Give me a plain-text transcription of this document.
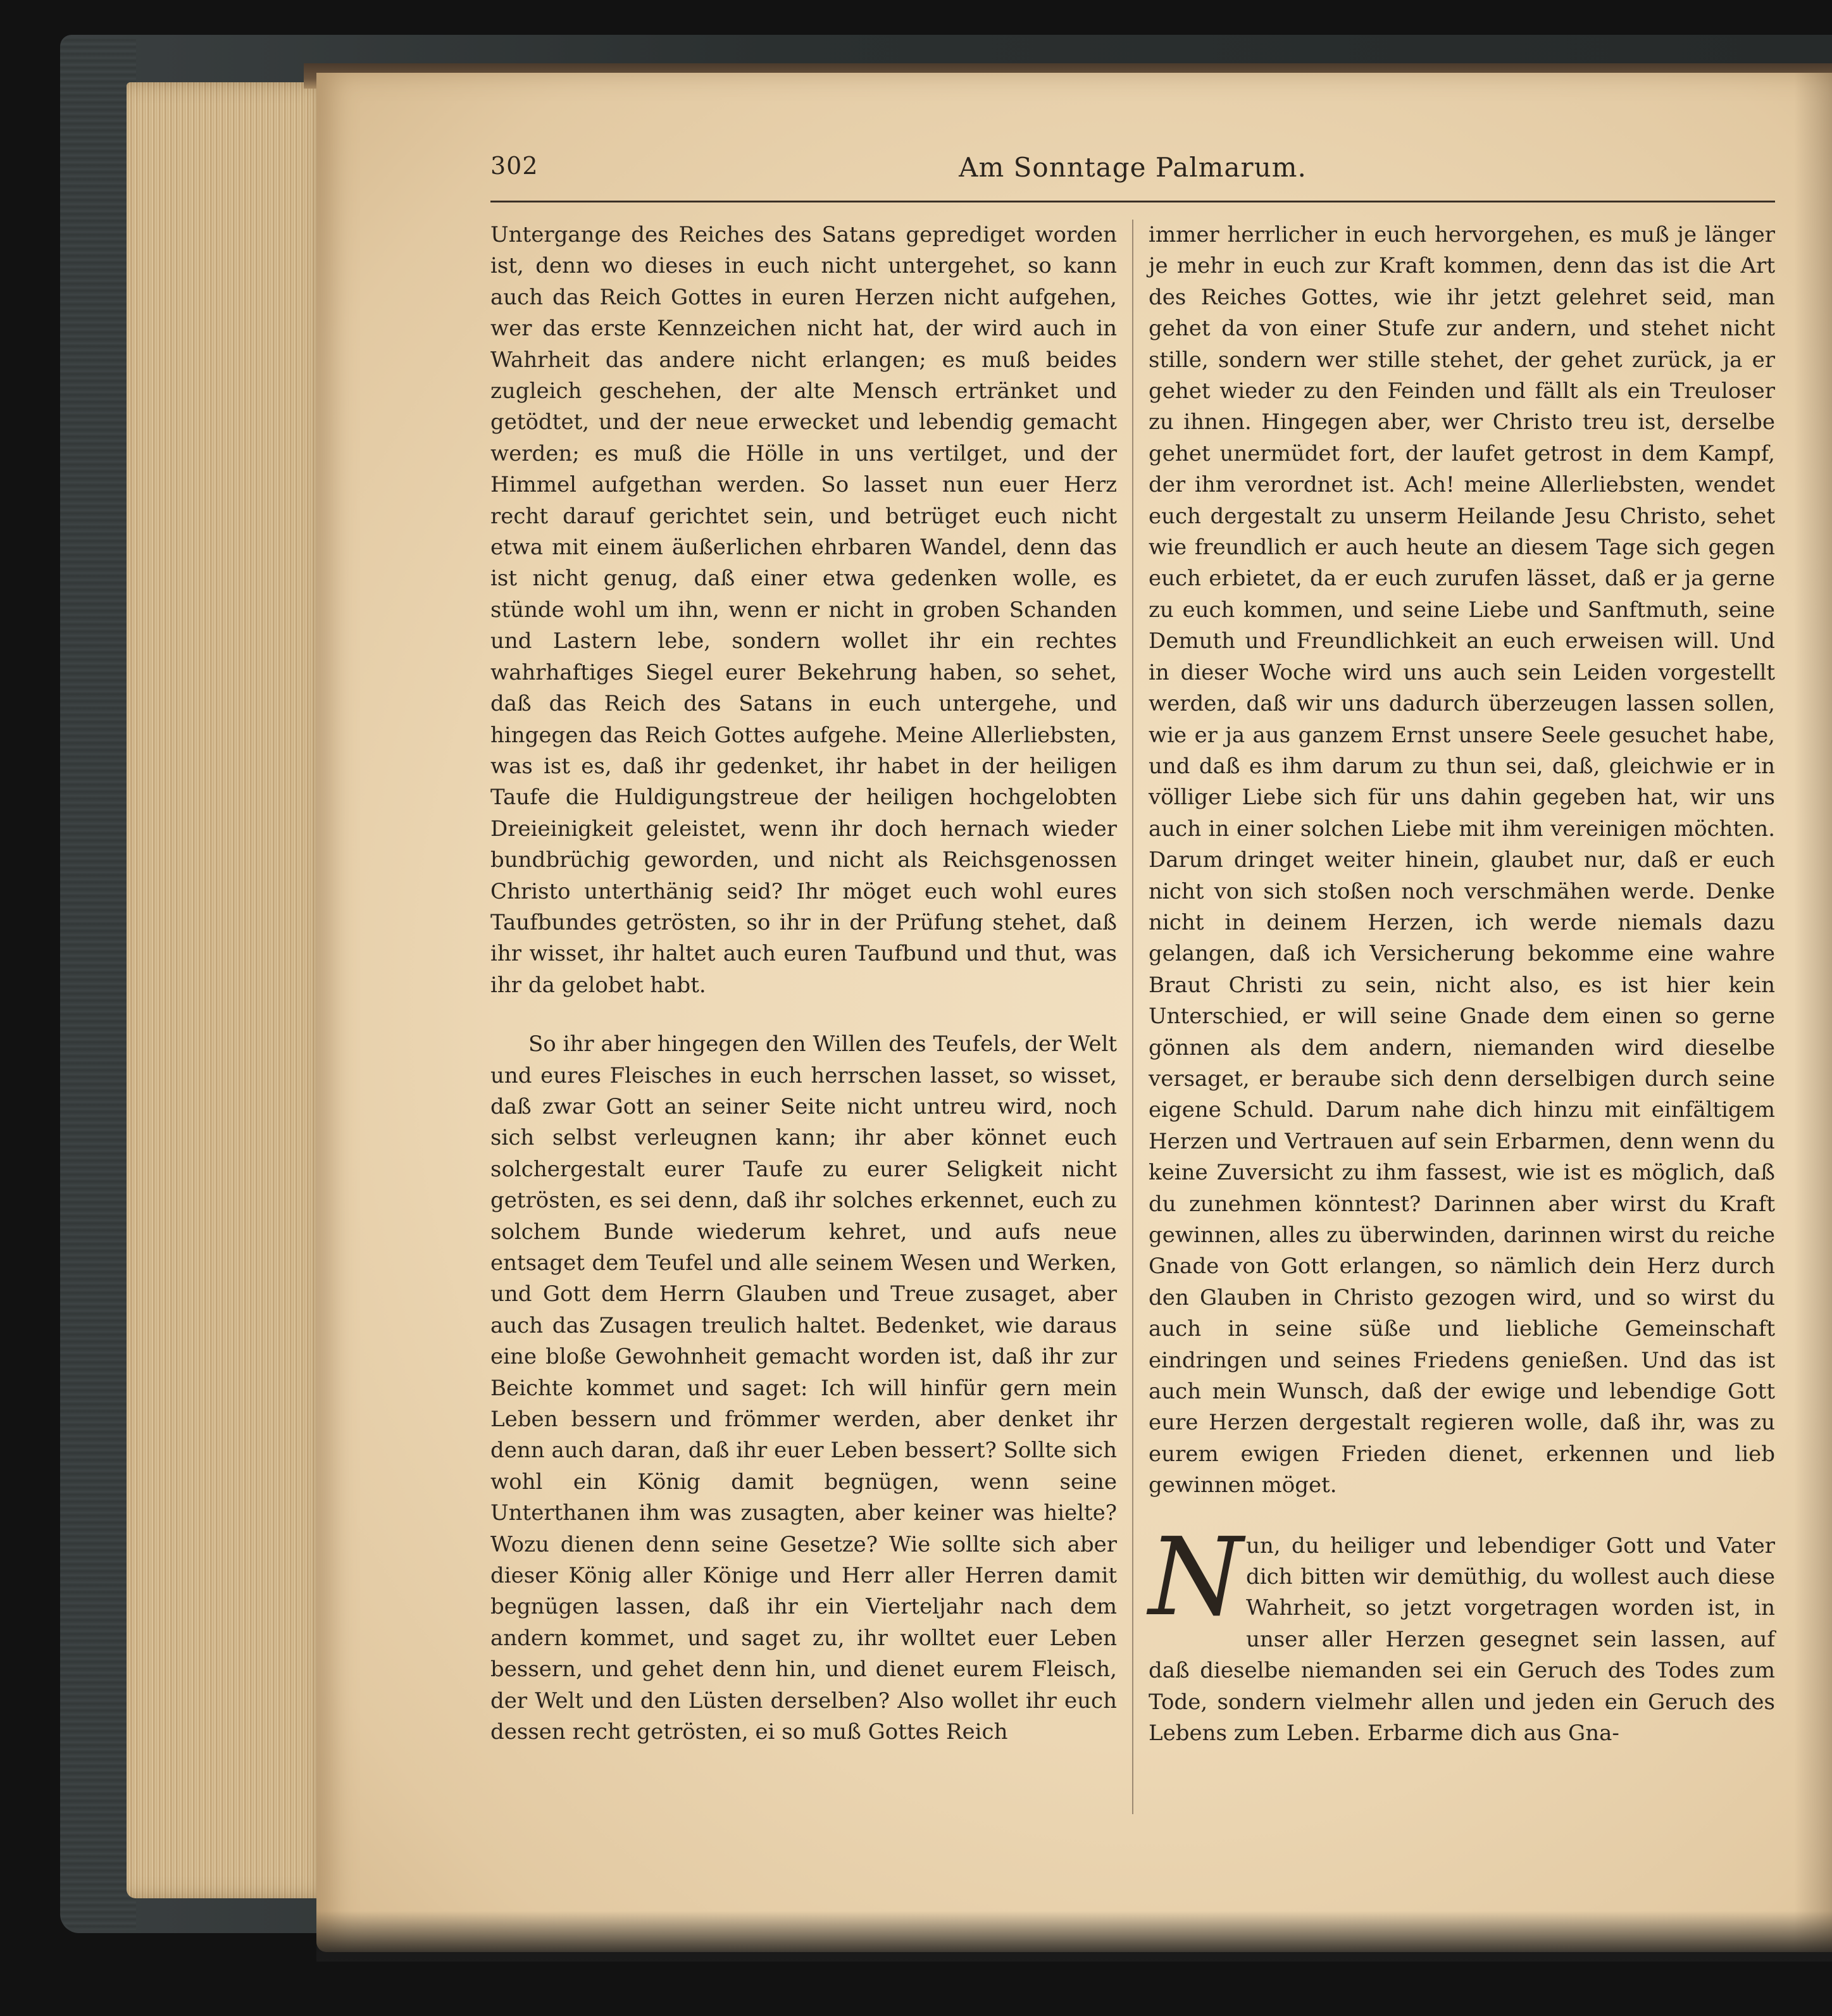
302	Am Sonntage Palmarum.

Untergange des Reiches des Satans geprediget worden ist, denn wo dieses in euch nicht untergehet, so kann auch das Reich Gottes in euren Herzen nicht aufgehen, wer das erste Kennzeichen nicht hat, der wird auch in Wahrheit das andere nicht erlangen; es muß beides zugleich geschehen, der alte Mensch ertränket und getödtet, und der neue erwecket und lebendig gemacht werden; es muß die Hölle in uns vertilget, und der Himmel aufgethan werden. So lasset nun euer Herz recht darauf gerichtet sein, und betrüget euch nicht etwa mit einem äußerlichen ehrbaren Wandel, denn das ist nicht genug, daß einer etwa gedenken wolle, es stünde wohl um ihn, wenn er nicht in groben Schanden und Lastern lebe, sondern wollet ihr ein rechtes wahrhaftiges Siegel eurer Bekehrung haben, so sehet, daß das Reich des Satans in euch untergehe, und hingegen das Reich Gottes aufgehe. Meine Allerliebsten, was ist es, daß ihr gedenket, ihr habet in der heiligen Taufe die Huldigungstreue der heiligen hochgelobten Dreieinigkeit geleistet, wenn ihr doch hernach wieder bundbrüchig geworden, und nicht als Reichsgenossen Christo unterthänig seid? Ihr möget euch wohl eures Taufbundes getrösten, so ihr in der Prüfung stehet, daß ihr wisset, ihr haltet auch euren Taufbund und thut, was ihr da gelobet habt.

So ihr aber hingegen den Willen des Teufels, der Welt und eures Fleisches in euch herrschen lasset, so wisset, daß zwar Gott an seiner Seite nicht untreu wird, noch sich selbst verleugnen kann; ihr aber könnet euch solchergestalt eurer Taufe zu eurer Seligkeit nicht getrösten, es sei denn, daß ihr solches erkennet, euch zu solchem Bunde wiederum kehret, und aufs neue entsaget dem Teufel und alle seinem Wesen und Werken, und Gott dem Herrn Glauben und Treue zusaget, aber auch das Zusagen treulich haltet. Bedenket, wie daraus eine bloße Gewohnheit gemacht worden ist, daß ihr zur Beichte kommet und saget: Ich will hinfür gern mein Leben bessern und frömmer werden, aber denket ihr denn auch daran, daß ihr euer Leben bessert? Sollte sich wohl ein König damit begnügen, wenn seine Unterthanen ihm was zusagten, aber keiner was hielte? Wozu dienen denn seine Gesetze? Wie sollte sich aber dieser König aller Könige und Herr aller Herren damit begnügen lassen, daß ihr ein Vierteljahr nach dem andern kommet, und saget zu, ihr wolltet euer Leben bessern, und gehet denn hin, und dienet eurem Fleisch, der Welt und den Lüsten derselben? Also wollet ihr euch dessen recht getrösten, ei so muß Gottes Reich

immer herrlicher in euch hervorgehen, es muß je länger je mehr in euch zur Kraft kommen, denn das ist die Art des Reiches Gottes, wie ihr jetzt gelehret seid, man gehet da von einer Stufe zur andern, und stehet nicht stille, sondern wer stille stehet, der gehet zurück, ja er gehet wieder zu den Feinden und fällt als ein Treuloser zu ihnen. Hingegen aber, wer Christo treu ist, derselbe gehet unermüdet fort, der laufet getrost in dem Kampf, der ihm verordnet ist. Ach! meine Allerliebsten, wendet euch dergestalt zu unserm Heilande Jesu Christo, sehet wie freundlich er auch heute an diesem Tage sich gegen euch erbietet, da er euch zurufen lässet, daß er ja gerne zu euch kommen, und seine Liebe und Sanftmuth, seine Demuth und Freundlichkeit an euch erweisen will. Und in dieser Woche wird uns auch sein Leiden vorgestellt werden, daß wir uns dadurch überzeugen lassen sollen, wie er ja aus ganzem Ernst unsere Seele gesuchet habe, und daß es ihm darum zu thun sei, daß, gleichwie er in völliger Liebe sich für uns dahin gegeben hat, wir uns auch in einer solchen Liebe mit ihm vereinigen möchten. Darum dringet weiter hinein, glaubet nur, daß er euch nicht von sich stoßen noch verschmähen werde. Denke nicht in deinem Herzen, ich werde niemals dazu gelangen, daß ich Versicherung bekomme eine wahre Braut Christi zu sein, nicht also, es ist hier kein Unterschied, er will seine Gnade dem einen so gerne gönnen als dem andern, niemanden wird dieselbe versaget, er beraube sich denn derselbigen durch seine eigene Schuld. Darum nahe dich hinzu mit einfältigem Herzen und Vertrauen auf sein Erbarmen, denn wenn du keine Zuversicht zu ihm fassest, wie ist es möglich, daß du zunehmen könntest? Darinnen aber wirst du Kraft gewinnen, alles zu überwinden, darinnen wirst du reiche Gnade von Gott erlangen, so nämlich dein Herz durch den Glauben in Christo gezogen wird, und so wirst du auch in seine süße und liebliche Gemeinschaft eindringen und seines Friedens genießen. Und das ist auch mein Wunsch, daß der ewige und lebendige Gott eure Herzen dergestalt regieren wolle, daß ihr, was zu eurem ewigen Frieden dienet, erkennen und lieb gewinnen möget.

N un, du heiliger und lebendiger Gott und Vater dich bitten wir demüthig, du wollest auch diese Wahrheit, so jetzt vorgetragen worden ist, in unser aller Herzen gesegnet sein lassen, auf daß dieselbe niemanden sei ein Geruch des Todes zum Tode, sondern vielmehr allen und jeden ein Geruch des Lebens zum Leben. Erbarme dich aus Gna-
